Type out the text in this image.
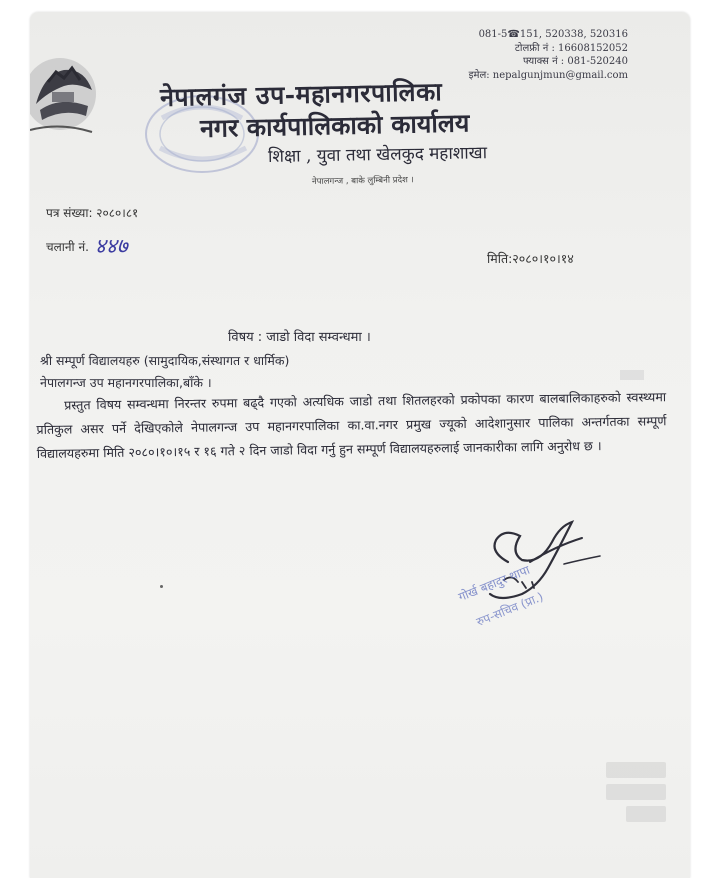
081-5☎151, 520338, 520316
टोलफ्री नं : 16608152052
फ्याक्स नं : 081-520240
इमेल: nepalgunjmun@gmail.com
नेपालगंज उप-महानगरपालिका
नगर कार्यपालिकाको कार्यालय
शिक्षा , युवा तथा खेलकुद महाशाखा
नेपालगन्ज , बाके लुम्बिनी प्रदेश ।
पत्र संख्या: २०८०।८१
चलानी नं. ४४७
मिति:२०८०।१०।१४
विषय : जाडो विदा सम्वन्धमा ।
श्री सम्पूर्ण विद्यालयहरु (सामुदायिक,संस्थागत र धार्मिक)
नेपालगन्ज उप महानगरपालिका,बाँके ।
प्रस्तुत विषय सम्वन्धमा निरन्तर रुपमा बढ्दै गएको अत्यधिक जाडो तथा शितलहरको प्रकोपका कारण बालबालिकाहरुको स्वस्थ्यमा प्रतिकुल असर पर्ने देखिएकोले नेपालगन्ज उप महानगरपालिका का.वा.नगर प्रमुख ज्यूको आदेशानुसार पालिका अन्तर्गतका सम्पूर्ण विद्यालयहरुमा मिति २०८०।१०।१५ र १६ गते २ दिन जाडो विदा गर्नु हुन सम्पूर्ण विद्यालयहरुलाई जानकारीका लागि अनुरोध छ ।
गोर्ख बहादुर थापा
रुप-सचिव (प्रा.)
